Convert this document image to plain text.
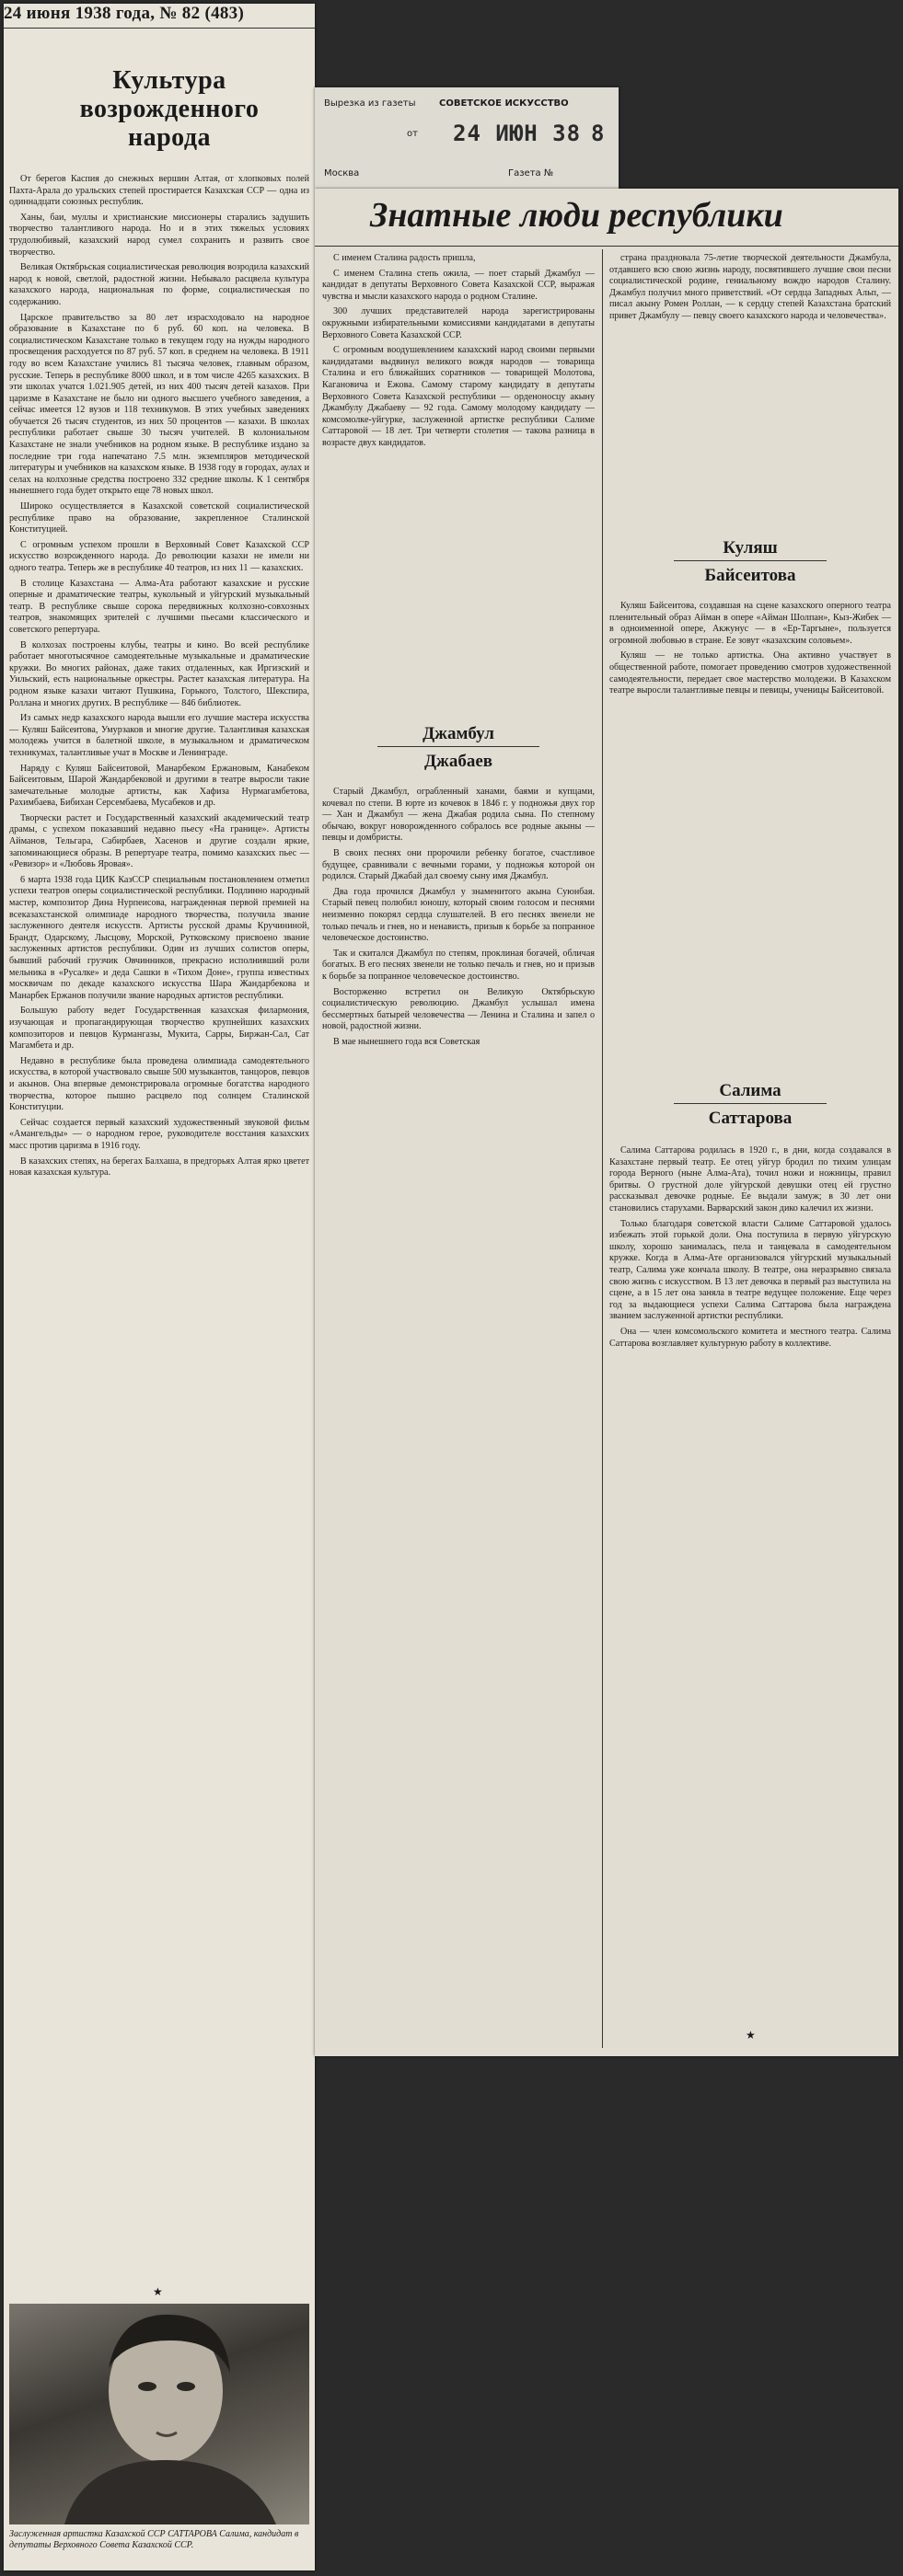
24 июня 1938 года, № 82 (483)
Культура
возрожденного
народа

От берегов Каспия до снежных вершин Алтая, от хлопковых полей Пахта-Арала до уральских степей простирается Казахская ССР — одна из одиннадцати союзных республик.

Ханы, баи, муллы и христианские миссионеры старались задушить творчество талантливого народа. Но и в этих тяжелых условиях трудолюбивый, казахский народ сумел сохранить и развить свое творчество.

Великая Октябрьская социалистическая революция возродила казахский народ к новой, светлой, радостной жизни. Небывало расцвела культура казахского народа, национальная по форме, социалистическая по содержанию.

Царское правительство за 80 лет израсходовало на народное образование в Казахстане по 6 руб. 60 коп. на человека. В социалистическом Казахстане только в текущем году на нужды народного просвещения расходуется по 87 руб. 57 коп. в среднем на человека. В 1911 году во всем Казахстане учились 81 тысяча человек, главным образом, русские. Теперь в республике 8000 школ, и в том числе 4265 казахских. В эти школах учатся 1.021.905 детей, из них 400 тысяч детей казахов. При царизме в Казахстане не было ни одного высшего учебного заведения, а сейчас имеется 12 вузов и 118 техникумов. В этих учебных заведениях обучается 26 тысяч студентов, из них 50 процентов — казахи. В школах республики работает свыше 30 тысяч учителей. В колониальном Казахстане не знали учебников на родном языке. В республике издано за последние три года напечатано 7.5 млн. экземпляров методической литературы и учебников на казахском языке. В 1938 году в городах, аулах и селах на колхозные средства построено 332 средние школы. К 1 сентября нынешнего года будет открыто еще 78 новых школ.

Широко осуществляется в Казахской советской социалистической республике право на образование, закрепленное Сталинской Конституцией.

С огромным успехом прошли в Верховный Совет Казахской ССР искусство возрожденного народа. До революции казахи не имели ни одного театра. Теперь же в республике 40 театров, из них 11 — казахских.

В столице Казахстана — Алма-Ата работают казахские и русские оперные и драматические театры, кукольный и уйгурский музыкальный театр. В республике свыше сорока передвижных колхозно-совхозных театров, знакомящих зрителей с лучшими пьесами классического и советского репертуара.

В колхозах построены клубы, театры и кино. Во всей республике работает многотысячное самодеятельные музыкальные и драматические кружки. Во многих районах, даже таких отдаленных, как Иргизский и Уильский, есть национальные оркестры. Растет казахская литература. На родном языке казахи читают Пушкина, Горького, Толстого, Шекспира, Роллана и многих других. В республике — 846 библиотек.

Из самых недр казахского народа вышли его лучшие мастера искусства — Куляш Байсеитова, Умурзаков и многие другие. Талантливая казахская молодежь учится в балетной школе, в музыкальном и драматическом техникумах, талантливые учат в Москве и Ленинграде.

Наряду с Куляш Байсеитовой, Манарбеком Ержановым, Канабеком Байсеитовым, Шарой Жандарбековой и другими в театре выросли такие замечательные молодые артисты, как Хафиза Нурмагамбетова, Рахимбаева, Бибихан Серсембаева, Мусабеков и др.

Творчески растет и Государственный казахский академический театр драмы, с успехом показавший недавно пьесу «На границе». Артисты Айманов, Тельгара, Сабирбаев, Хасенов и другие создали яркие, запоминающиеся образы. В репертуаре театра, помимо казахских пьес — «Ревизор» и «Любовь Яровая».

6 марта 1938 года ЦИК КазССР специальным постановлением отметил успехи театров оперы социалистической республики. Подлинно народный мастер, композитор Дина Нурпеисова, награжденная первой премией на всеказахстанской олимпиаде народного творчества, получила звание заслуженного деятеля искусств. Артисты русской драмы Кручининой, Брандт, Одарскому, Лысцову, Морской, Рутковскому присвоено звание заслуженных артистов республики. Один из лучших солистов оперы, бывший рабочий грузчик Овчинников, прекрасно исполнивший роли мельника в «Русалке» и деда Сашки в «Тихом Доне», группа известных москвичам по декаде казахского искусства Шара Жандарбекова и Манарбек Ержанов получили звание народных артистов республики.

Большую работу ведет Государственная казахская филармония, изучающая и пропагандирующая творчество крупнейших казахских композиторов и певцов Курмангазы, Мукита, Сарры, Биржан-Сал, Сат Магамбета и др.

Недавно в республике была проведена олимпиада самодеятельного искусства, в которой участвовало свыше 500 музыкантов, танцоров, певцов и акынов. Она впервые демонстрировала огромные богатства народного творчества, которое пышно расцвело под солнцем Сталинской Конституции.

Сейчас создается первый казахский художественный звуковой фильм «Амангельды» — о народном герое, руководителе восстания казахских масс против царизма в 1916 году.

В казахских степях, на берегах Балхаша, в предгорьях Алтая ярко цветет новая казахская культура.

★
Заслуженная артистка Казахской ССР САТТАРОВА Салима, кандидат в депутаты Верховного Совета Казахской ССР.
Вырезка из газеты	СОВЕТСКОЕ ИСКУССТВО
от 24 ИЮН 38 8
Москва	Газета №
Знатные люди республики

С именем Сталина радость пришла,

С именем Сталина степь ожила, — поет старый Джамбул — кандидат в депутаты Верховного Совета Казахской ССР, выражая чувства и мысли казахского народа о родном Сталине.

300 лучших представителей народа зарегистрированы окружными избирательными комиссиями кандидатами в депутаты Верховного Совета Казахской ССР.

С огромным воодушевлением казахский народ своими первыми кандидатами выдвинул великого вождя народов — товарища Сталина и его ближайших соратников — товарищей Молотова, Кагановича и Ежова. Самому старому кандидату в депутаты Верховного Совета Казахской республики — орденоносцу акыну Джамбулу Джабаеву — 92 года. Самому молодому кандидату — комсомолке-уйгурке, заслуженной артистке республики Салиме Саттаровой — 18 лет. Три четверти столетия — такова разница в возрасте двух кандидатов.

Джамбул
Джабаев

Старый Джамбул, ограбленный ханами, баями и купцами, кочевал по степи. В юрте из кочевок в 1846 г. у подножья двух гор — Хан и Джамбул — жена Джабая родила сына. По степному обычаю, вокруг новорожденного собралось все родные акыны — певцы и домбристы.

В своих песнях они пророчили ребенку богатое, счастливое будущее, сравнивали с вечными горами, у подножья которой он родился. Старый Джабай дал своему сыну имя Джамбул.

Два года прочился Джамбул у знаменитого акына Суюнбая. Старый певец полюбил юношу, который своим голосом и песнями неизменно покорял сердца слушателей. В его песнях звенели не только печаль и гнев, но и ненависть, призыв к борьбе за попранное человеческое достоинство.

Так и скитался Джамбул по степям, проклиная богачей, обличая богатых. В его песнях звенели не только печаль и гнев, но и призыв к борьбе за попранное человеческое достоинство.

Восторженно встретил он Великую Октябрьскую социалистическую революцию. Джамбул услышал имена бессмертных батырей человечества — Ленина и Сталина и запел о новой, радостной жизни.

В мае нынешнего года вся Советская

страна праздновала 75-летие творческой деятельности Джамбула, отдавшего всю свою жизнь народу, посвятившего лучшие свои песни социалистической родине, гениальному вождю народов Сталину. Джамбул получил много приветствий. «От сердца Западных Альп, — писал акыну Ромен Роллан, — к сердцу степей Казахстана братский привет Джамбулу — певцу своего казахского народа и человечества».

Куляш
Байсеитова

Куляш Байсеитова, создавшая на сцене казахского оперного театра пленительный образ Айман в опере «Айман Шолпан», Кыз-Жибек — в одноименной опере, Акжунус — в «Ер-Таргыне», пользуется огромной любовью в стране. Ее зовут «казахским соловьем».

Куляш — не только артистка. Она активно участвует в общественной работе, помогает проведению смотров художественной самодеятельности, передает свое мастерство молодежи. В Казахском театре выросли талантливые певцы и певицы, ученицы Байсеитовой.

Салима
Саттарова

Салима Саттарова родилась в 1920 г., в дни, когда создавался в Казахстане первый театр. Ее отец уйгур бродил по тихим улицам города Верного (ныне Алма-Ата), точил ножи и ножницы, правил бритвы. О грустной доле уйгурской девушки отец ей грустно рассказывал девочке родные. Ее выдали замуж; в 30 лет они становились старухами. Варварский закон дико калечил их жизни.

Только благодаря советской власти Салиме Саттаровой удалось избежать этой горькой доли. Она поступила в первую уйгурскую школу, хорошо занималась, пела и танцевала в самодеятельном кружке. Когда в Алма-Ате организовался уйгурский музыкальный театр, Салима уже кончала школу. В театре, она неразрывно связала свою жизнь с искусством. В 13 лет девочка в первый раз выступила на сцене, а в 15 лет она заняла в театре ведущее положение. Еще через год за выдающиеся успехи Салима Саттарова была награждена званием заслуженной артистки республики.

Она — член комсомольского комитета и местного театра. Салима Саттарова возглавляет культурную работу в коллективе.

★
